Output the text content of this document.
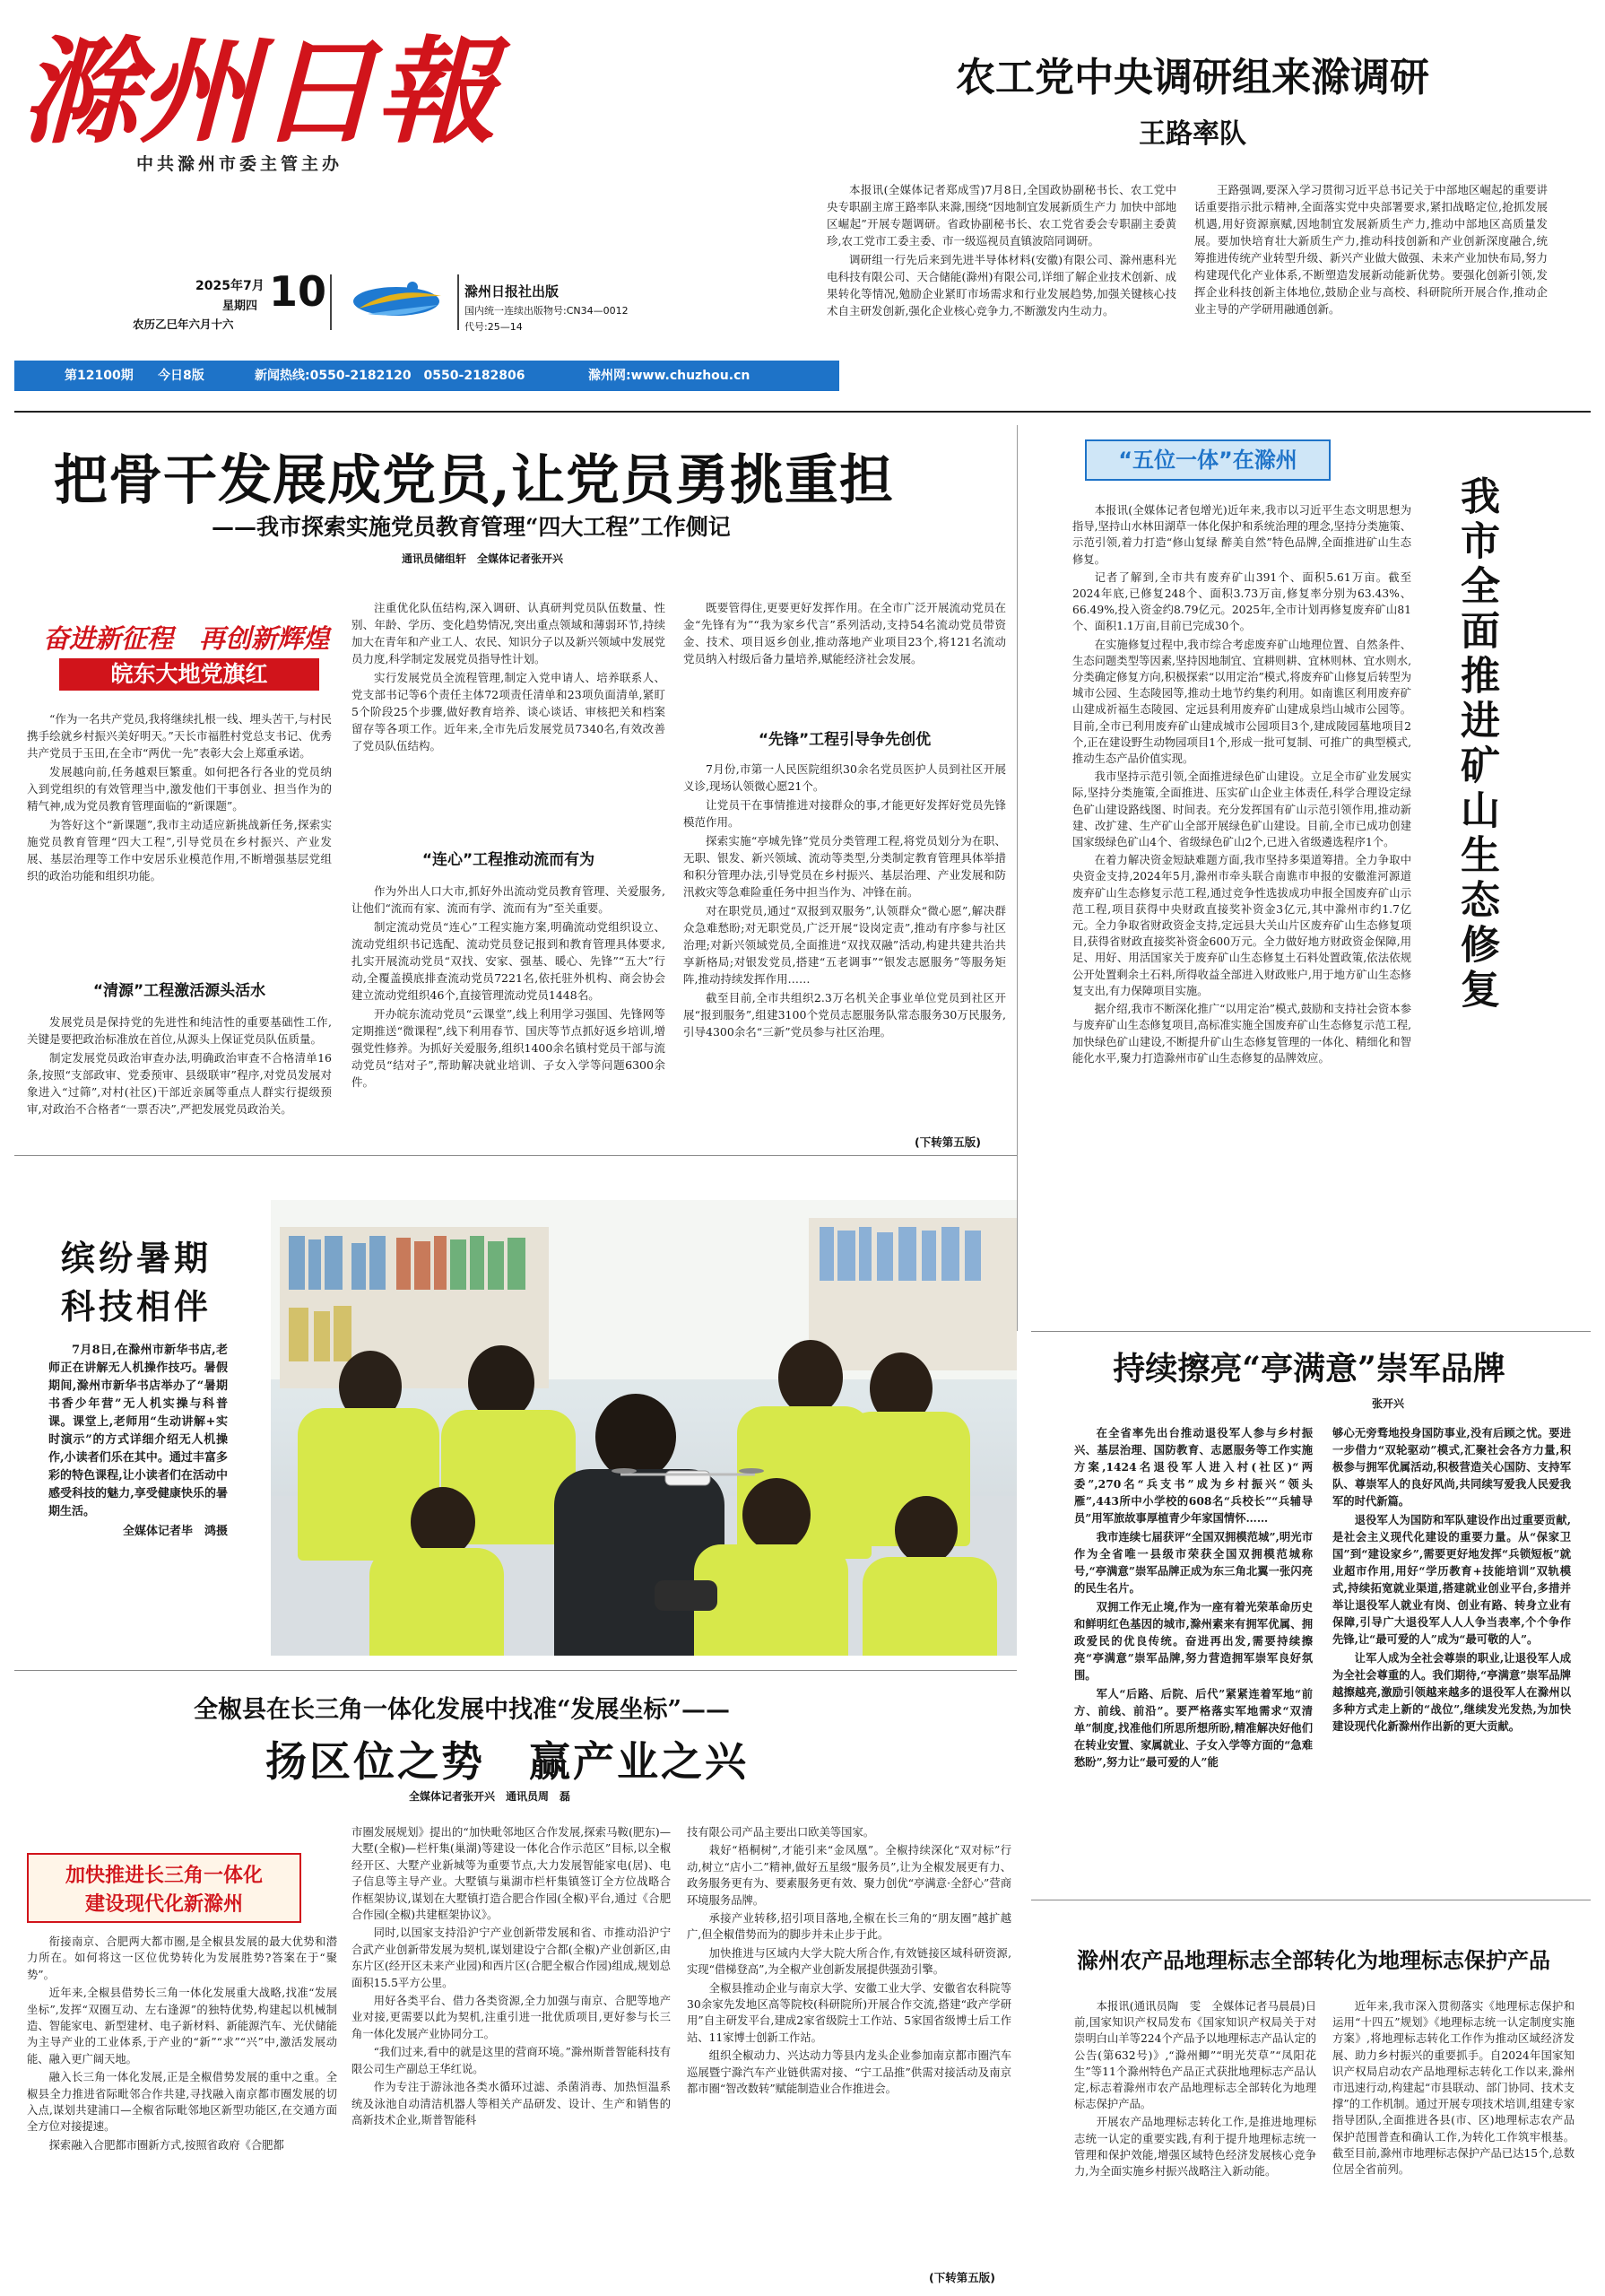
滁州日報
中共滁州市委主管主办
2025年7月
星期四 10
农历乙巳年六月十六
滁州日报社出版
国内统一连续出版物号:CN34—0012
代号:25—14
第12100期 今日8版	新闻热线:0550-2182120　0550-2182806	滁州网:www.chuzhou.cn
农工党中央调研组来滁调研
王路率队

本报讯(全媒体记者郑成雪)7月8日,全国政协副秘书长、农工党中央专职副主席王路率队来滁,围绕“因地制宜发展新质生产力 加快中部地区崛起”开展专题调研。省政协副秘书长、农工党省委会专职副主委黄珍,农工党市工委主委、市一级巡视员直镇波陪同调研。

调研组一行先后来到先进半导体材料(安徽)有限公司、滁州惠科光电科技有限公司、天合储能(滁州)有限公司,详细了解企业技术创新、成果转化等情况,勉励企业紧盯市场需求和行业发展趋势,加强关键核心技术自主研发创新,强化企业核心竞争力,不断激发内生动力。

王路强调,要深入学习贯彻习近平总书记关于中部地区崛起的重要讲话重要指示批示精神,全面落实党中央部署要求,紧扣战略定位,抢抓发展机遇,用好资源禀赋,因地制宜发展新质生产力,推动中部地区高质量发展。要加快培育壮大新质生产力,推动科技创新和产业创新深度融合,统筹推进传统产业转型升级、新兴产业做大做强、未来产业加快布局,努力构建现代化产业体系,不断塑造发展新动能新优势。要强化创新引领,发挥企业科技创新主体地位,鼓励企业与高校、科研院所开展合作,推动企业主导的产学研用融通创新。

把骨干发展成党员,让党员勇挑重担
——我市探索实施党员教育管理“四大工程”工作侧记
通讯员储组轩　全媒体记者张开兴
奋进新征程　再创新辉煌
皖东大地党旗红

“作为一名共产党员,我将继续扎根一线、埋头苦干,与村民携手绘就乡村振兴美好明天。”天长市福胜村党总支书记、优秀共产党员于玉田,在全市“两优一先”表彰大会上郑重承诺。

发展越向前,任务越艰巨繁重。如何把各行各业的党员纳入到党组织的有效管理当中,激发他们干事创业、担当作为的精气神,成为党员教育管理面临的“新课题”。

为答好这个“新课题”,我市主动适应新挑战新任务,探索实施党员教育管理“四大工程”,引导党员在乡村振兴、产业发展、基层治理等工作中安居乐业模范作用,不断增强基层党组织的政治功能和组织功能。

“清源”工程激活源头活水

发展党员是保持党的先进性和纯洁性的重要基础性工作,关键是要把政治标准放在首位,从源头上保证党员队伍质量。

制定发展党员政治审查办法,明确政治审查不合格清单16条,按照“支部政审、党委预审、县级联审”程序,对党员发展对象进入“过筛”,对村(社区)干部近亲属等重点人群实行提级预审,对政治不合格者“一票否决”,严把发展党员政治关。

注重优化队伍结构,深入调研、认真研判党员队伍数量、性别、年龄、学历、变化趋势情况,突出重点领域和薄弱环节,持续加大在青年和产业工人、农民、知识分子以及新兴领域中发展党员力度,科学制定发展党员指导性计划。

实行发展党员全流程管理,制定入党申请人、培养联系人、党支部书记等6个责任主体72项责任清单和23项负面清单,紧盯5个阶段25个步骤,做好教育培养、谈心谈话、审核把关和档案留存等各项工作。近年来,全市先后发展党员7340名,有效改善了党员队伍结构。

“连心”工程推动流而有为

作为外出人口大市,抓好外出流动党员教育管理、关爱服务,让他们“流而有家、流而有学、流而有为”至关重要。

制定流动党员“连心”工程实施方案,明确流动党组织设立、流动党组织书记选配、流动党员登记报到和教育管理具体要求,扎实开展流动党员“双找、安家、强基、暖心、先锋”“五大”行动,全覆盖摸底排查流动党员7221名,依托驻外机构、商会协会建立流动党组织46个,直接管理流动党员1448名。

开办皖东流动党员“云课堂”,线上利用学习强国、先锋网等定期推送“微课程”,线下利用春节、国庆等节点抓好返乡培训,增强党性修养。为抓好关爱服务,组织1400余名镇村党员干部与流动党员“结对子”,帮助解决就业培训、子女入学等问题6300余件。

既要管得住,更要更好发挥作用。在全市广泛开展流动党员在金“先锋有为”“我为家乡代言”系列活动,支持54名流动党员带资金、技术、项目返乡创业,推动落地产业项目23个,将121名流动党员纳入村级后备力量培养,赋能经济社会发展。

“先锋”工程引导争先创优

7月份,市第一人民医院组织30余名党员医护人员到社区开展义诊,现场认领微心愿21个。

让党员干在事情推进对接群众的事,才能更好发挥好党员先锋模范作用。

探索实施“亭城先锋”党员分类管理工程,将党员划分为在职、无职、银发、新兴领域、流动等类型,分类制定教育管理具体举措和积分管理办法,引导党员在乡村振兴、基层治理、产业发展和防汛救灾等急难险重任务中担当作为、冲锋在前。

对在职党员,通过“双报到双服务”,认领群众“微心愿”,解决群众急难愁盼;对无职党员,广泛开展“设岗定责”,推动有序参与社区治理;对新兴领域党员,全面推进“双找双融”活动,构建共建共治共享新格局;对银发党员,搭建“五老调事”“银发志愿服务”等服务矩阵,推动持续发挥作用……

截至目前,全市共组织2.3万名机关企事业单位党员到社区开展“报到服务”,组建3100个党员志愿服务队常态服务30万民服务,引导4300余名“三新”党员参与社区治理。

(下转第五版)
“五位一体”在滁州
我市全面推进矿山生态修复

本报讯(全媒体记者包增光)近年来,我市以习近平生态文明思想为指导,坚持山水林田湖草一体化保护和系统治理的理念,坚持分类施策、示范引领,着力打造“修山复绿 醉美自然”特色品牌,全面推进矿山生态修复。

记者了解到,全市共有废弃矿山391个、面积5.61万亩。截至2024年底,已修复248个、面积3.73万亩,修复率分别为63.43%、66.49%,投入资金约8.79亿元。2025年,全市计划再修复废弃矿山81个、面积1.1万亩,目前已完成30个。

在实施修复过程中,我市综合考虑废弃矿山地理位置、自然条件、生态问题类型等因素,坚持因地制宜、宜耕则耕、宜林则林、宜水则水,分类确定修复方向,积极探索“以用定治”模式,将废弃矿山修复后转型为城市公园、生态陵园等,推动土地节约集约利用。如南谯区利用废弃矿山建成祈福生态陵园、定远县利用废弃矿山建成泉垱山城市公园等。目前,全市已利用废弃矿山建成城市公园项目3个,建成陵园墓地项目2个,正在建设野生动物园项目1个,形成一批可复制、可推广的典型模式,推动生态产品价值实现。

我市坚持示范引领,全面推进绿色矿山建设。立足全市矿业发展实际,坚持分类施策,全面推进、压实矿山企业主体责任,科学合理设定绿色矿山建设路线图、时间表。充分发挥国有矿山示范引领作用,推动新建、改扩建、生产矿山全部开展绿色矿山建设。目前,全市已成功创建国家级绿色矿山4个、省级绿色矿山2个,已进入省级遴选程序1个。

在着力解决资金短缺难题方面,我市坚持多渠道筹措。全力争取中央资金支持,2024年5月,滁州市牵头联合南谯市申报的安徽淮河源道废弃矿山生态修复示范工程,通过竞争性选拔成功申报全国废弃矿山示范工程,项目获得中央财政直接奖补资金3亿元,其中滁州市约1.7亿元。全力争取省财政资金支持,定远县大关山片区废弃矿山生态修复项目,获得省财政直接奖补资金600万元。全力做好地方财政资金保障,用足、用好、用活国家关于废弃矿山生态修复土石料处置政策,依法依规公开处置剩余土石料,所得收益全部进入财政账户,用于地方矿山生态修复支出,有力保障项目实施。

据介绍,我市不断深化推广“以用定治”模式,鼓励和支持社会资本参与废弃矿山生态修复项目,高标准实施全国废弃矿山生态修复示范工程,加快绿色矿山建设,不断提升矿山生态修复管理的一体化、精细化和智能化水平,聚力打造滁州市矿山生态修复的品牌效应。

缤纷暑期
科技相伴

7月8日,在滁州市新华书店,老师正在讲解无人机操作技巧。暑假期间,滁州市新华书店举办了“暑期书香少年营”无人机实操与科普课。课堂上,老师用“生动讲解+实时演示”的方式详细介绍无人机操作,小读者们乐在其中。通过丰富多彩的特色课程,让小读者们在活动中感受科技的魅力,享受健康快乐的暑期生活。

全媒体记者毕　鸿摄

持续擦亮“亭满意”崇军品牌
张开兴

在全省率先出台推动退役军人参与乡村振兴、基层治理、国防教育、志愿服务等工作实施方案,1424名退役军人进入村(社区)“两委”,270名“兵支书”成为乡村振兴“领头雁”,443所中小学校的608名“兵校长”“兵辅导员”用军旅故事厚植青少年家国情怀……

我市连续七届获评“全国双拥模范城”,明光市作为全省唯一县级市荣获全国双拥模范城称号,“亭满意”崇军品牌正成为东三角北翼一张闪亮的民生名片。

双拥工作无止境,作为一座有着光荣革命历史和鲜明红色基因的城市,滁州素来有拥军优属、拥政爱民的优良传统。奋进再出发,需要持续擦亮“亭满意”崇军品牌,努力营造拥军崇军良好氛围。

军人“后路、后院、后代”紧紧连着军地“前方、前线、前沿”。要严格落实军地需求“双清单”制度,找准他们所思所想所盼,精准解决好他们在转业安置、家属就业、子女入学等方面的“急难愁盼”,努力让“最可爱的人”能

够心无旁骛地投身国防事业,没有后顾之忧。要进一步借力“双轮驱动”模式,汇聚社会各方力量,积极参与拥军优属活动,积极营造关心国防、支持军队、尊崇军人的良好风尚,共同续写爱我人民爱我军的时代新篇。

退役军人为国防和军队建设作出过重要贡献,是社会主义现代化建设的重要力量。从“保家卫国”到“建设家乡”,需要更好地发挥“兵锁短板”就业超市作用,用好“学历教育+技能培训”双轨模式,持续拓宽就业渠道,搭建就业创业平台,多措并举让退役军人就业有岗、创业有路、转身立业有保障,引导广大退役军人人人争当表率,个个争作先锋,让“最可爱的人”成为“最可敬的人”。

让军人成为全社会尊崇的职业,让退役军人成为全社会尊重的人。我们期待,“亭满意”崇军品牌越擦越亮,激励引领越来越多的退役军人在滁州以多种方式走上新的“战位”,继续发光发热,为加快建设现代化新滁州作出新的更大贡献。

全椒县在长三角一体化发展中找准“发展坐标”——
扬区位之势　赢产业之兴
全媒体记者张开兴　通讯员周　磊
加快推进长三角一体化
建设现代化新滁州

衔接南京、合肥两大都市圈,是全椒县发展的最大优势和潜力所在。如何将这一区位优势转化为发展胜势?答案在于“聚势”。

近年来,全椒县借势长三角一体化发展重大战略,找准“发展坐标”,发挥“双圈互动、左右逢源”的独特优势,构建起以机械制造、智能家电、新型建材、电子新材料、新能源汽车、光伏储能为主导产业的工业体系,于产业的“新”“求”“兴”中,激活发展动能、融入更广阔天地。

融入长三角一体化发展,正是全椒借势发展的重中之重。全椒县全力推进省际毗邻合作共建,寻找融入南京都市圈发展的切入点,谋划共建浦口—全椒省际毗邻地区新型功能区,在交通方面全方位对接提速。

探索融入合肥都市圈新方式,按照省政府《合肥都

市圈发展规划》提出的“加快毗邻地区合作发展,探索马鞍(肥东)—大墅(全椒)—栏杆集(巢湖)等建设一体化合作示范区”目标,以全椒经开区、大墅产业新城等为重要节点,大力发展智能家电(居)、电子信息等主导产业。大墅镇与巢湖市栏杆集镇签订全方位战略合作框架协议,谋划在大墅镇打造合肥合作园(全椒)平台,通过《合肥合作园(全椒)共建框架协议》。

同时,以国家支持沿沪宁产业创新带发展和省、市推动沿沪宁合武产业创新带发展为契机,谋划建设宁合都(全椒)产业创新区,由东片区(经开区未来产业园)和西片区(合肥全椒合作园)组成,规划总面积15.5平方公里。

用好各类平台、借力各类资源,全力加强与南京、合肥等地产业对接,更需要以此为契机,注重引进一批优质项目,更好参与长三角一体化发展产业协同分工。

“我们过来,看中的就是这里的营商环境。”滁州斯普智能科技有限公司生产副总王华红说。

作为专注于游泳池各类水循环过滤、杀菌消毒、加热恒温系统及泳池自动清洁机器人等相关产品研发、设计、生产和销售的高新技术企业,斯普智能科

技有限公司产品主要出口欧美等国家。

栽好“梧桐树”,才能引来“金凤凰”。全椒持续深化“双对标”行动,树立“店小二”精神,做好五星级“服务员”,让为全椒发展更有力、政务服务更有为、要素服务更有效、聚力创优“亭满意·全舒心”营商环境服务品牌。

承接产业转移,招引项目落地,全椒在长三角的“朋友圈”越扩越广,但全椒借势而为的脚步并未止步于此。

加快推进与区域内大学大院大所合作,有效链接区域科研资源,实现“借梯登高”,为全椒产业创新发展提供强劲引擎。

全椒县推动企业与南京大学、安徽工业大学、安徽省农科院等30余家先发地区高等院校(科研院所)开展合作交流,搭建“政产学研用”自主研发平台,建成2家省级院士工作站、5家国省级博士后工作站、11家博士创新工作站。

组织全椒动力、兴达动力等县内龙头企业参加南京都市圈汽车巡展暨宁滁汽车产业链供需对接、“宁工品推”供需对接活动及南京都市圈“智改数转”赋能制造业合作推进会。

(下转第五版)
滁州农产品地理标志全部转化为地理标志保护产品

本报讯(通讯员陶　雯　全媒体记者马晨晨)日前,国家知识产权局发布《国家知识产权局关于对崇明白山羊等224个产品予以地理标志产品认定的公告(第632号)》,“滁州鲫”“明光芡草”“凤阳花生”等11个滁州特色产品正式获批地理标志产品认定,标志着滁州市农产品地理标志全部转化为地理标志保护产品。

开展农产品地理标志转化工作,是推进地理标志统一认定的重要实践,有利于提升地理标志统一管理和保护效能,增强区域特色经济发展核心竞争力,为全面实施乡村振兴战略注入新动能。

近年来,我市深入贯彻落实《地理标志保护和运用“十四五”规划》《地理标志统一认定制度实施方案》,将地理标志转化工作作为推动区域经济发展、助力乡村振兴的重要抓手。自2024年国家知识产权局启动农产品地理标志转化工作以来,滁州市迅速行动,构建起“市县联动、部门协同、技术支撑”的工作机制。通过开展专项技术培训,组建专家指导团队,全面推进各县(市、区)地理标志农产品保护范围普查和确认工作,为转化工作筑牢根基。截至目前,滁州市地理标志保护产品已达15个,总数位居全省前列。
